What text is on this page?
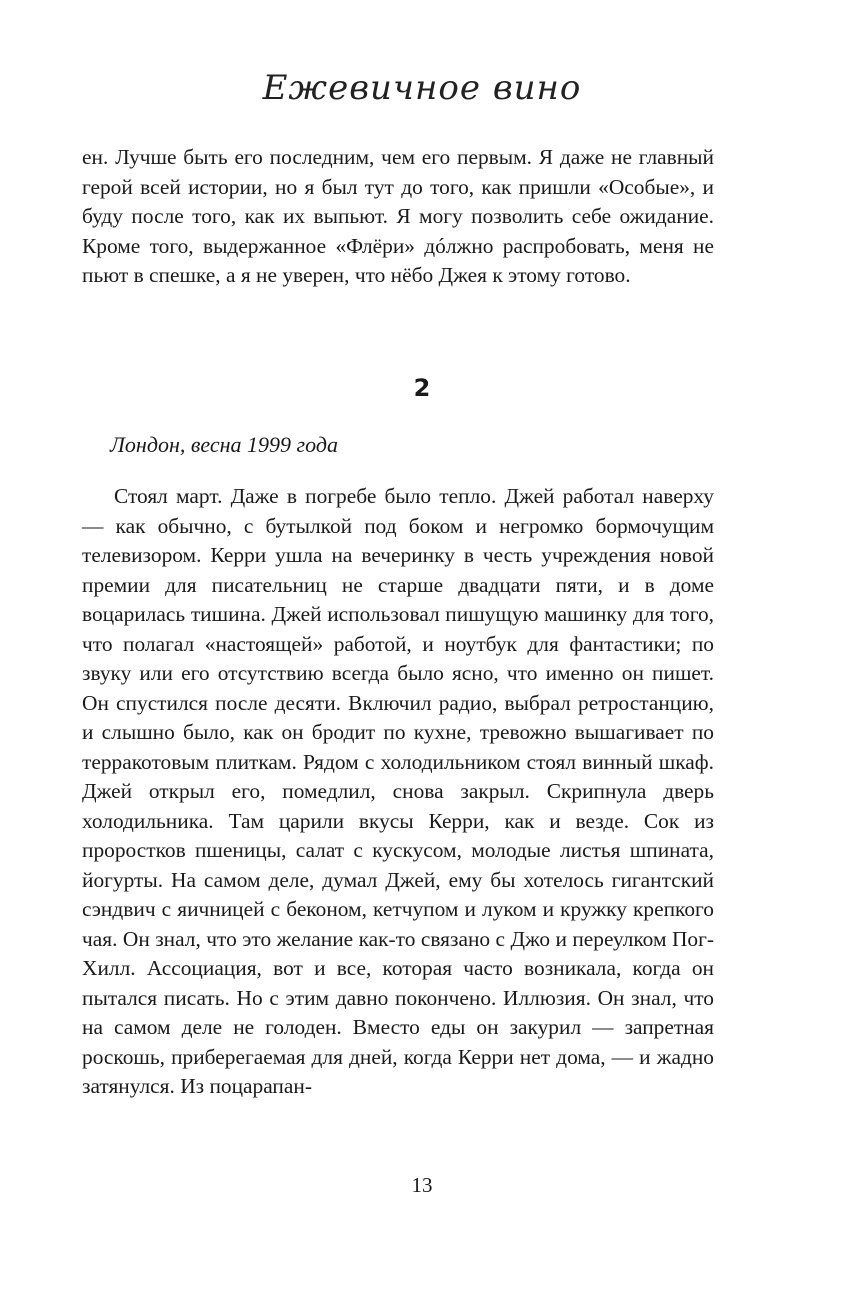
Ежевичное вино

ен. Лучше быть его последним, чем его первым. Я даже не главный герой всей истории, но я был тут до того, как пришли «Особые», и буду после того, как их выпьют. Я могу позволить себе ожидание. Кроме того, выдержанное «Флёри» дóлжно распробовать, меня не пьют в спешке, а я не уверен, что нёбо Джея к этому готово.

2
Лондон, весна 1999 года

Стоял март. Даже в погребе было тепло. Джей работал наверху — как обычно, с бутылкой под боком и негромко бормочущим телевизором. Керри ушла на вечеринку в честь учреждения новой премии для писательниц не старше двадцати пяти, и в доме воцарилась тишина. Джей использовал пишущую машинку для того, что полагал «настоящей» работой, и ноутбук для фантастики; по звуку или его отсутствию всегда было ясно, что именно он пишет. Он спустился после десяти. Включил радио, выбрал ретростанцию, и слышно было, как он бродит по кухне, тревожно вышагивает по терракотовым плиткам. Рядом с холодильником стоял винный шкаф. Джей открыл его, помедлил, снова закрыл. Скрипнула дверь холодильника. Там царили вкусы Керри, как и везде. Сок из проростков пшеницы, салат с кускусом, молодые листья шпината, йогурты. На самом деле, думал Джей, ему бы хотелось гигантский сэндвич с яичницей с беконом, кетчупом и луком и кружку крепкого чая. Он знал, что это желание как-то связано с Джо и переулком Пог-Хилл. Ассоциация, вот и все, которая часто возникала, когда он пытался писать. Но с этим давно покончено. Иллюзия. Он знал, что на самом деле не голоден. Вместо еды он закурил — запретная роскошь, приберегаемая для дней, когда Керри нет дома, — и жадно затянулся. Из поцарапан-

13
